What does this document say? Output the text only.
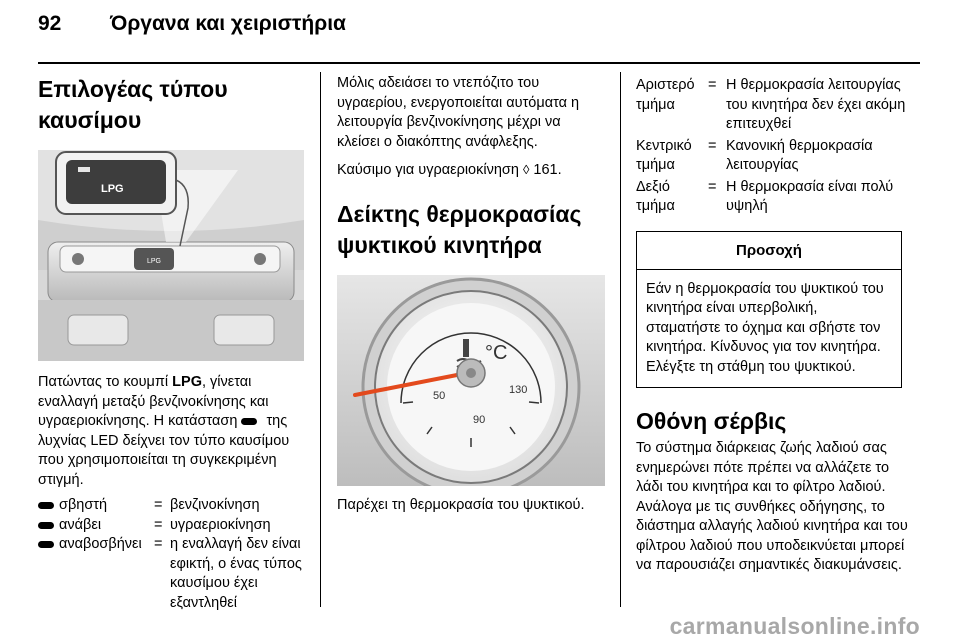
92 Όργανα και χειριστήρια
Επιλογέας τύπου καυσίμου
LPG
LPG

Πατώντας το κουμπί LPG, γίνεται εναλλαγή μεταξύ βενζινοκίνησης και υγραεριοκίνησης. Η κατάσταση  της λυχνίας LED δείχνει τον τύπο καυσίμου που χρησιμοποιείται τη συγκεκριμένη στιγμή.

σβηστή	= βενζινοκίνηση
ανάβει	= υγραεριοκίνηση
αναβοσβήνει = η εναλλαγή δεν είναι εφικτή, ο ένας τύπος καυσίμου έχει εξαντληθεί

Μόλις αδειάσει το ντεπόζιτο του υγραερίου, ενεργοποιείται αυτόματα η λειτουργία βενζινοκίνησης μέχρι να κλείσει ο διακόπτης ανάφλεξης.

Καύσιμο για υγραεριοκίνηση ◊ 161.

Δείκτης θερμοκρασίας ψυκτικού κινητήρα
°C
50
90
130

Παρέχει τη θερμοκρασία του ψυκτικού.

Αριστερό τμήμα
= Η θερμοκρασία λειτουργίας του κινητήρα δεν έχει ακόμη επιτευχθεί
Κεντρικό τμήμα
= Κανονική θερμοκρασία λειτουργίας
Δεξιό τμήμα
= Η θερμοκρασία είναι πολύ υψηλή
Προσοχή
Εάν η θερμοκρασία του ψυκτικού του κινητήρα είναι υπερβολική, σταματήστε το όχημα και σβήστε τον κινητήρα. Κίνδυνος για τον κινητήρα. Ελέγξτε τη στάθμη του ψυκτικού.
Οθόνη σέρβις

Το σύστημα διάρκειας ζωής λαδιού σας ενημερώνει πότε πρέπει να αλλάζετε το λάδι του κινητήρα και το φίλτρο λαδιού. Ανάλογα με τις συνθήκες οδήγησης, το διάστημα αλλαγής λαδιού κινητήρα και του φίλτρου λαδιού που υποδεικνύεται μπορεί να παρουσιάζει σημαντικές διακυμάνσεις.

carmanualsonline.info
